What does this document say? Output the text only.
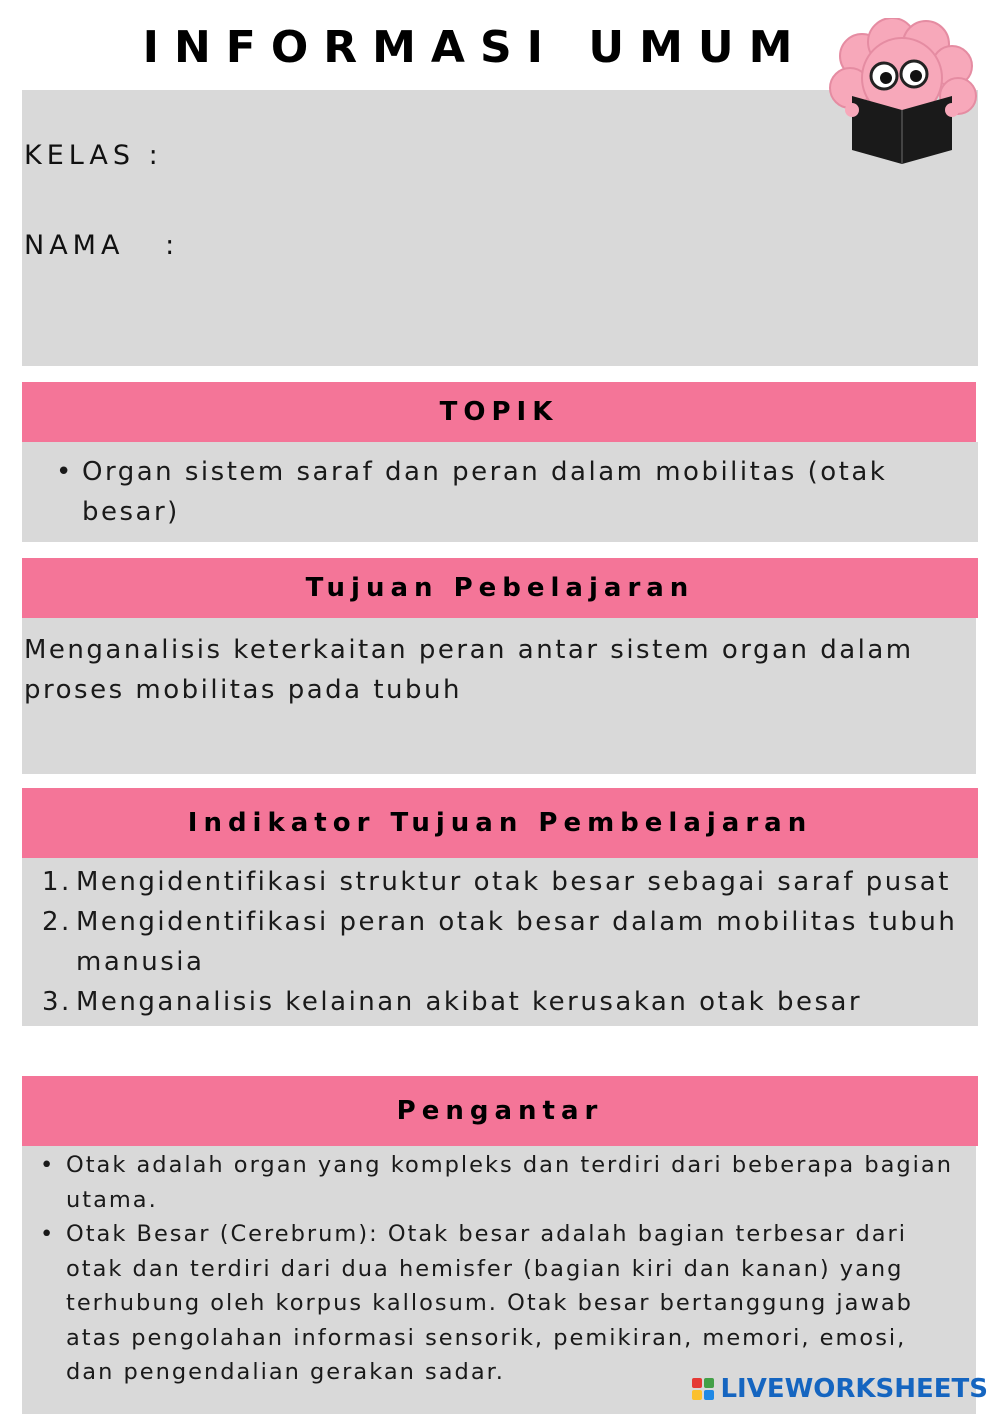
INFORMASI UMUM
KELAS :
NAMA   :
TOPIK
• Organ sistem saraf dan peran dalam mobilitas (otak
besar)
Tujuan Pebelajaran
Menganalisis keterkaitan peran antar sistem organ dalam
proses mobilitas pada tubuh
Indikator Tujuan Pembelajaran
1. Mengidentifikasi struktur otak besar sebagai saraf pusat
2. Mengidentifikasi peran otak besar dalam mobilitas tubuh
manusia
3. Menganalisis kelainan akibat kerusakan otak besar
Pengantar
• Otak adalah organ yang kompleks dan terdiri dari beberapa bagian
utama.
• Otak Besar (Cerebrum): Otak besar adalah bagian terbesar dari
otak dan terdiri dari dua hemisfer (bagian kiri dan kanan) yang
terhubung oleh korpus kallosum. Otak besar bertanggung jawab
atas pengolahan informasi sensorik, pemikiran, memori, emosi,
dan pengendalian gerakan sadar.
LIVEWORKSHEETS
